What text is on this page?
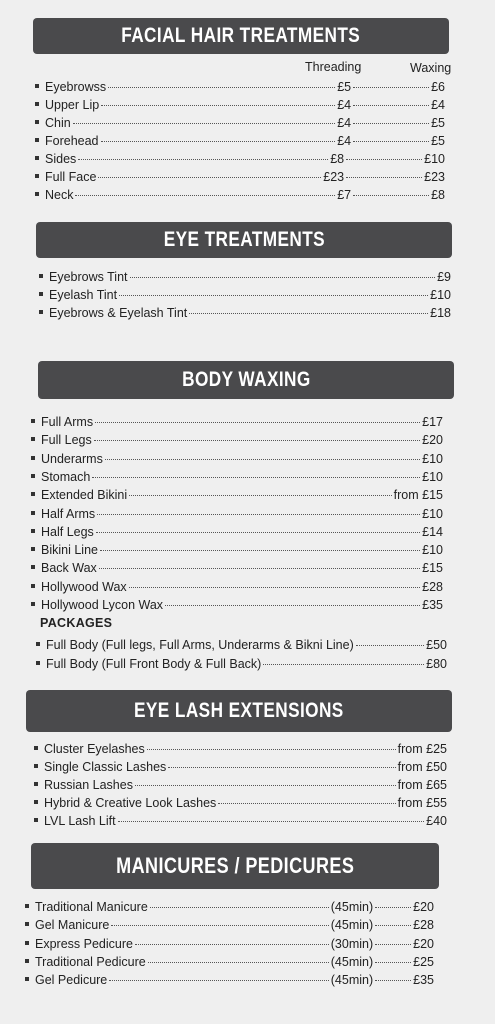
FACIAL HAIR TREATMENTS
Threading	Waxing
Eyebrowss	£5	£6
Upper Lip	£4	£4
Chin	£4	£5
Forehead	£4	£5
Sides	£8	£10
Full Face	£23	£23
Neck	£7	£8
EYE TREATMENTS
Eyebrows Tint	£9
Eyelash Tint	£10
Eyebrows & Eyelash Tint	£18
BODY WAXING
Full Arms	£17
Full Legs	£20
Underarms	£10
Stomach	£10
Extended Bikini	from £15
Half Arms	£10
Half Legs	£14
Bikini Line	£10
Back Wax	£15
Hollywood Wax	£28
Hollywood Lycon Wax	£35
PACKAGES
Full Body (Full legs, Full Arms, Underarms & Bikni Line)	£50
Full Body (Full Front Body & Full Back)	£80
EYE LASH EXTENSIONS
Cluster Eyelashes	from £25
Single Classic Lashes	from £50
Russian Lashes	from £65
Hybrid & Creative Look Lashes	from £55
LVL Lash Lift	£40
MANICURES / PEDICURES
Traditional Manicure	(45min)	£20
Gel Manicure	(45min)	£28
Express Pedicure	(30min)	£20
Traditional Pedicure	(45min)	£25
Gel Pedicure	(45min)	£35
